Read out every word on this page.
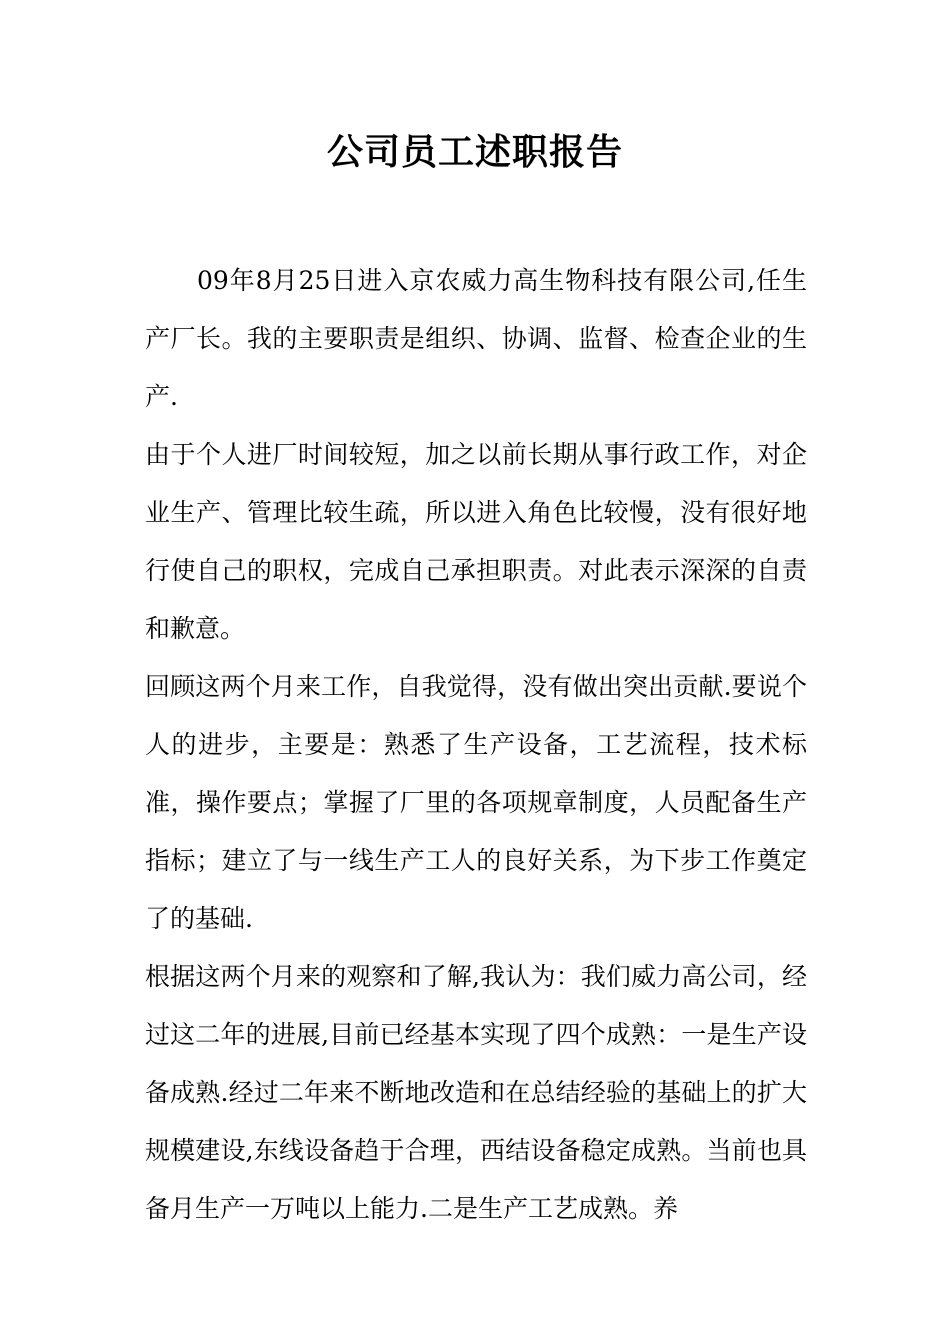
公司员工述职报告

09年8月25日进入京农威力高生物科技有限公司,任生产厂长。我的主要职责是组织、协调、监督、检查企业的生产.

由于个人进厂时间较短，加之以前长期从事行政工作，对企业生产、管理比较生疏，所以进入角色比较慢，没有很好地行使自己的职权，完成自己承担职责。对此表示深深的自责和歉意。

回顾这两个月来工作，自我觉得，没有做出突出贡献.要说个人的进步，主要是：熟悉了生产设备，工艺流程，技术标准，操作要点；掌握了厂里的各项规章制度，人员配备生产指标；建立了与一线生产工人的良好关系，为下步工作奠定了的基础.

根据这两个月来的观察和了解,我认为：我们威力高公司，经过这二年的进展,目前已经基本实现了四个成熟：一是生产设备成熟.经过二年来不断地改造和在总结经验的基础上的扩大规模建设,东线设备趋于合理，西结设备稳定成熟。当前也具备月生产一万吨以上能力.二是生产工艺成熟。养
